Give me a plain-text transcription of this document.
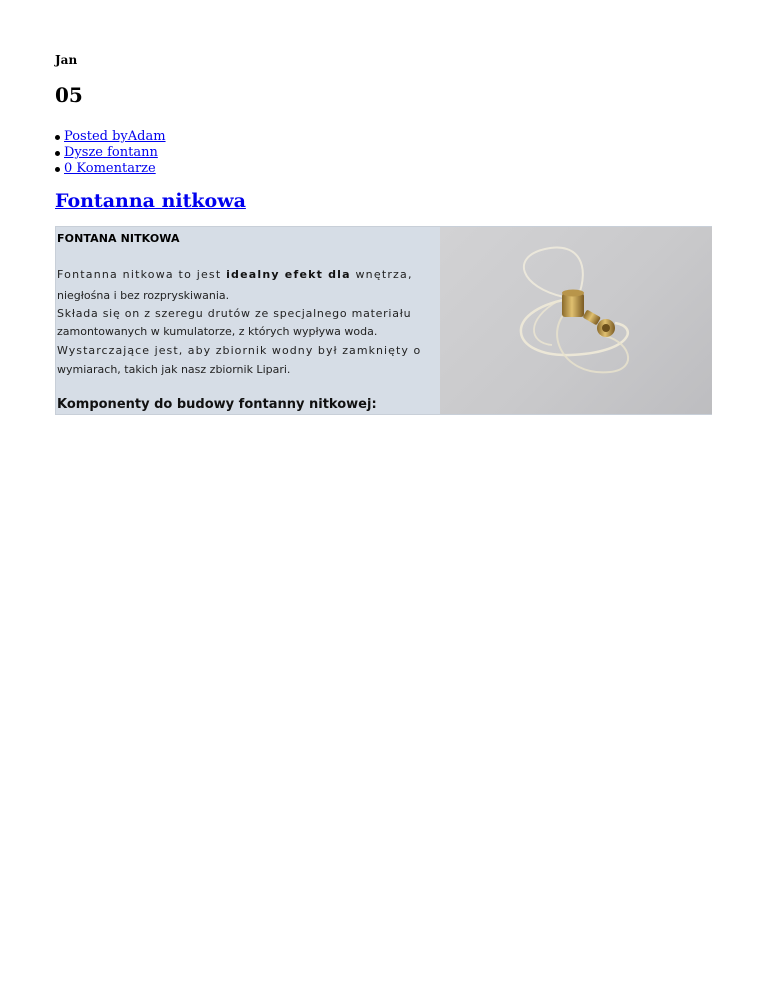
Jan

05

Posted byAdam
Dysze fontann
0 Komentarze
Fontanna nitkowa

FONTANA NITKOWA

Fontanna nitkowa to jest idealny efekt dla wnętrza,

niegłośna i bez rozpryskiwania.

Składa się on z szeregu drutów ze specjalnego materiału

zamontowanych w kumulatorze, z których wypływa woda.

Wystarczające jest, aby zbiornik wodny był zamknięty o

wymiarach, takich jak nasz zbiornik Lipari.

Komponenty do budowy fontanny nitkowej:
